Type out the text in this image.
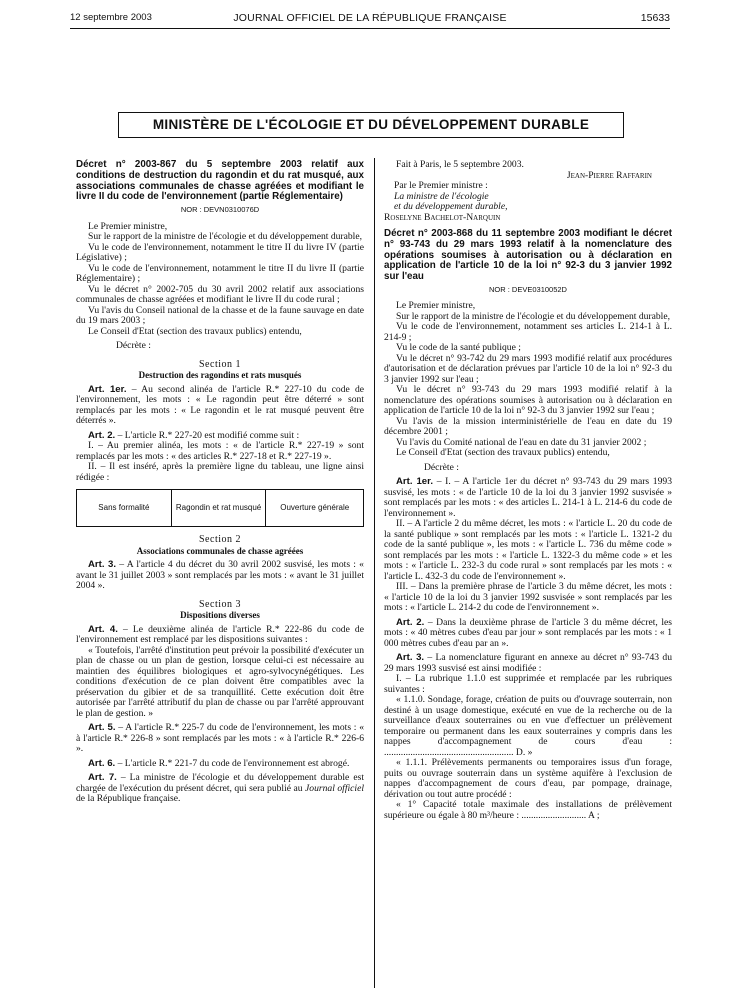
12 septembre 2003	JOURNAL OFFICIEL DE LA RÉPUBLIQUE FRANÇAISE	15633
MINISTÈRE DE L'ÉCOLOGIE ET DU DÉVELOPPEMENT DURABLE

Décret n° 2003-867 du 5 septembre 2003 relatif aux conditions de destruction du ragondin et du rat musqué, aux associations communales de chasse agréées et modifiant le livre II du code de l'environnement (partie Réglementaire)

NOR : DEVN0310076D

Le Premier ministre,

Sur le rapport de la ministre de l'écologie et du développement durable,

Vu le code de l'environnement, notamment le titre II du livre IV (partie Législative) ;

Vu le code de l'environnement, notamment le titre II du livre II (partie Réglementaire) ;

Vu le décret n° 2002-705 du 30 avril 2002 relatif aux associations communales de chasse agréées et modifiant le livre II du code rural ;

Vu l'avis du Conseil national de la chasse et de la faune sauvage en date du 19 mars 2003 ;

Le Conseil d'Etat (section des travaux publics) entendu,

Décrète :

Section 1

Destruction des ragondins et rats musqués

Art. 1er. – Au second alinéa de l'article R.* 227-10 du code de l'environnement, les mots : « Le ragondin peut être déterré » sont remplacés par les mots : « Le ragondin et le rat musqué peuvent être déterrés ».

Art. 2. – L'article R.* 227-20 est modifié comme suit :

I. – Au premier alinéa, les mots : « de l'article R.* 227-19 » sont remplacés par les mots : « des articles R.* 227-18 et R.* 227-19 ».

II. – Il est inséré, après la première ligne du tableau, une ligne ainsi rédigée :

Sans formalité	Ragondin et rat musqué	Ouverture générale

Section 2

Associations communales de chasse agréées

Art. 3. – A l'article 4 du décret du 30 avril 2002 susvisé, les mots : « avant le 31 juillet 2003 » sont remplacés par les mots : « avant le 31 juillet 2004 ».

Section 3

Dispositions diverses

Art. 4. – Le deuxième alinéa de l'article R.* 222-86 du code de l'environnement est remplacé par les dispositions suivantes :

« Toutefois, l'arrêté d'institution peut prévoir la possibilité d'exécuter un plan de chasse ou un plan de gestion, lorsque celui-ci est nécessaire au maintien des équilibres biologiques et agro-sylvocynégétiques. Les conditions d'exécution de ce plan doivent être compatibles avec la préservation du gibier et de sa tranquillité. Cette exécution doit être autorisée par l'arrêté attributif du plan de chasse ou par l'arrêté approuvant le plan de gestion. »

Art. 5. – A l'article R.* 225-7 du code de l'environnement, les mots : « à l'article R.* 226-8 » sont remplacés par les mots : « à l'article R.* 226-6 ».

Art. 6. – L'article R.* 221-7 du code de l'environnement est abrogé.

Art. 7. – La ministre de l'écologie et du développement durable est chargée de l'exécution du présent décret, qui sera publié au Journal officiel de la République française.

Fait à Paris, le 5 septembre 2003.

Jean-Pierre Raffarin

Par le Premier ministre :

La ministre de l'écologie

et du développement durable,

Roselyne Bachelot-Narquin

Décret n° 2003-868 du 11 septembre 2003 modifiant le décret n° 93-743 du 29 mars 1993 relatif à la nomenclature des opérations soumises à autorisation ou à déclaration en application de l'article 10 de la loi n° 92-3 du 3 janvier 1992 sur l'eau

NOR : DEVE0310052D

Le Premier ministre,

Sur le rapport de la ministre de l'écologie et du développement durable,

Vu le code de l'environnement, notamment ses articles L. 214-1 à L. 214-9 ;

Vu le code de la santé publique ;

Vu le décret n° 93-742 du 29 mars 1993 modifié relatif aux procédures d'autorisation et de déclaration prévues par l'article 10 de la loi n° 92-3 du 3 janvier 1992 sur l'eau ;

Vu le décret n° 93-743 du 29 mars 1993 modifié relatif à la nomenclature des opérations soumises à autorisation ou à déclaration en application de l'article 10 de la loi n° 92-3 du 3 janvier 1992 sur l'eau ;

Vu l'avis de la mission interministérielle de l'eau en date du 19 décembre 2001 ;

Vu l'avis du Comité national de l'eau en date du 31 janvier 2002 ;

Le Conseil d'Etat (section des travaux publics) entendu,

Décrète :

Art. 1er. – I. – A l'article 1er du décret n° 93-743 du 29 mars 1993 susvisé, les mots : « de l'article 10 de la loi du 3 janvier 1992 susvisée » sont remplacés par les mots : « des articles L. 214-1 à L. 214-6 du code de l'environnement ».

II. – A l'article 2 du même décret, les mots : « l'article L. 20 du code de la santé publique » sont remplacés par les mots : « l'article L. 1321-2 du code de la santé publique », les mots : « l'article L. 736 du même code » sont remplacés par les mots : « l'article L. 1322-3 du même code » et les mots : « l'article L. 232-3 du code rural » sont remplacés par les mots : « l'article L. 432-3 du code de l'environnement ».

III. – Dans la première phrase de l'article 3 du même décret, les mots : « l'article 10 de la loi du 3 janvier 1992 susvisée » sont remplacés par les mots : « l'article L. 214-2 du code de l'environnement ».

Art. 2. – Dans la deuxième phrase de l'article 3 du même décret, les mots : « 40 mètres cubes d'eau par jour » sont remplacés par les mots : « 1 000 mètres cubes d'eau par an ».

Art. 3. – La nomenclature figurant en annexe au décret n° 93-743 du 29 mars 1993 susvisé est ainsi modifiée :

I. – La rubrique 1.1.0 est supprimée et remplacée par les rubriques suivantes :

« 1.1.0. Sondage, forage, création de puits ou d'ouvrage souterrain, non destiné à un usage domestique, exécuté en vue de la recherche ou de la surveillance d'eaux souterraines ou en vue d'effectuer un prélèvement temporaire ou permanent dans les eaux souterraines y compris dans les nappes d'accompagnement de cours d'eau : ...................................................... D. »

« 1.1.1. Prélèvements permanents ou temporaires issus d'un forage, puits ou ouvrage souterrain dans un système aquifère à l'exclusion de nappes d'accompagnement de cours d'eau, par pompage, drainage, dérivation ou tout autre procédé :

« 1° Capacité totale maximale des installations de prélèvement supérieure ou égale à 80 m³/heure : ........................... A ;
